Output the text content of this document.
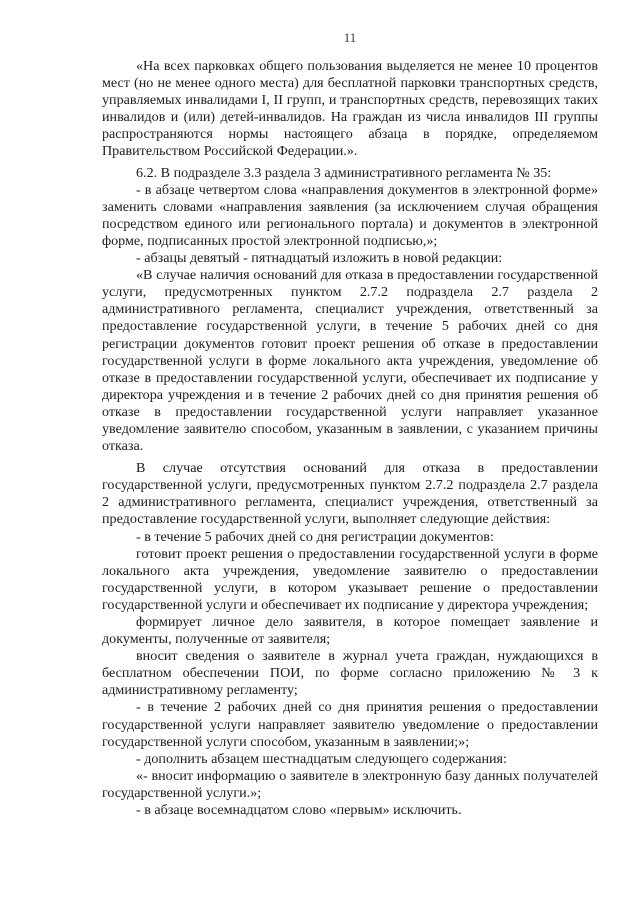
11

«На всех парковках общего пользования выделяется не менее 10 процентов мест (но не менее одного места) для бесплатной парковки транспортных средств, управляемых инвалидами I, II групп, и транспортных средств, перевозящих таких инвалидов и (или) детей-инвалидов. На граждан из числа инвалидов III группы распространяются нормы настоящего абзаца в порядке, определяемом Правительством Российской Федерации.».

6.2. В подразделе 3.3 раздела 3 административного регламента № 35:

- в абзаце четвертом слова «направления документов в электронной форме» заменить словами «направления заявления (за исключением случая обращения посредством единого или регионального портала) и документов в электронной форме, подписанных простой электронной подписью,»;

- абзацы девятый - пятнадцатый изложить в новой редакции:

«В случае наличия оснований для отказа в предоставлении государственной услуги, предусмотренных пунктом 2.7.2 подраздела 2.7 раздела 2 административного регламента, специалист учреждения, ответственный за предоставление государственной услуги, в течение 5 рабочих дней со дня регистрации документов готовит проект решения об отказе в предоставлении государственной услуги в форме локального акта учреждения, уведомление об отказе в предоставлении государственной услуги, обеспечивает их подписание у директора учреждения и в течение 2 рабочих дней со дня принятия решения об отказе в предоставлении государственной услуги направляет указанное уведомление заявителю способом, указанным в заявлении, с указанием причины отказа.

В случае отсутствия оснований для отказа в предоставлении государственной услуги, предусмотренных пунктом 2.7.2 подраздела 2.7 раздела 2 административного регламента, специалист учреждения, ответственный за предоставление государственной услуги, выполняет следующие действия:

- в течение 5 рабочих дней со дня регистрации документов:

готовит проект решения о предоставлении государственной услуги в форме локального акта учреждения, уведомление заявителю о предоставлении государственной услуги, в котором указывает решение о предоставлении государственной услуги и обеспечивает их подписание у директора учреждения;

формирует личное дело заявителя, в которое помещает заявление и документы, полученные от заявителя;

вносит сведения о заявителе в журнал учета граждан, нуждающихся в бесплатном обеспечении ПОИ, по форме согласно приложению № 3 к административному регламенту;

- в течение 2 рабочих дней со дня принятия решения о предоставлении государственной услуги направляет заявителю уведомление о предоставлении государственной услуги способом, указанным в заявлении;»;

- дополнить абзацем шестнадцатым следующего содержания:

«- вносит информацию о заявителе в электронную базу данных получателей государственной услуги.»;

- в абзаце восемнадцатом слово «первым» исключить.
